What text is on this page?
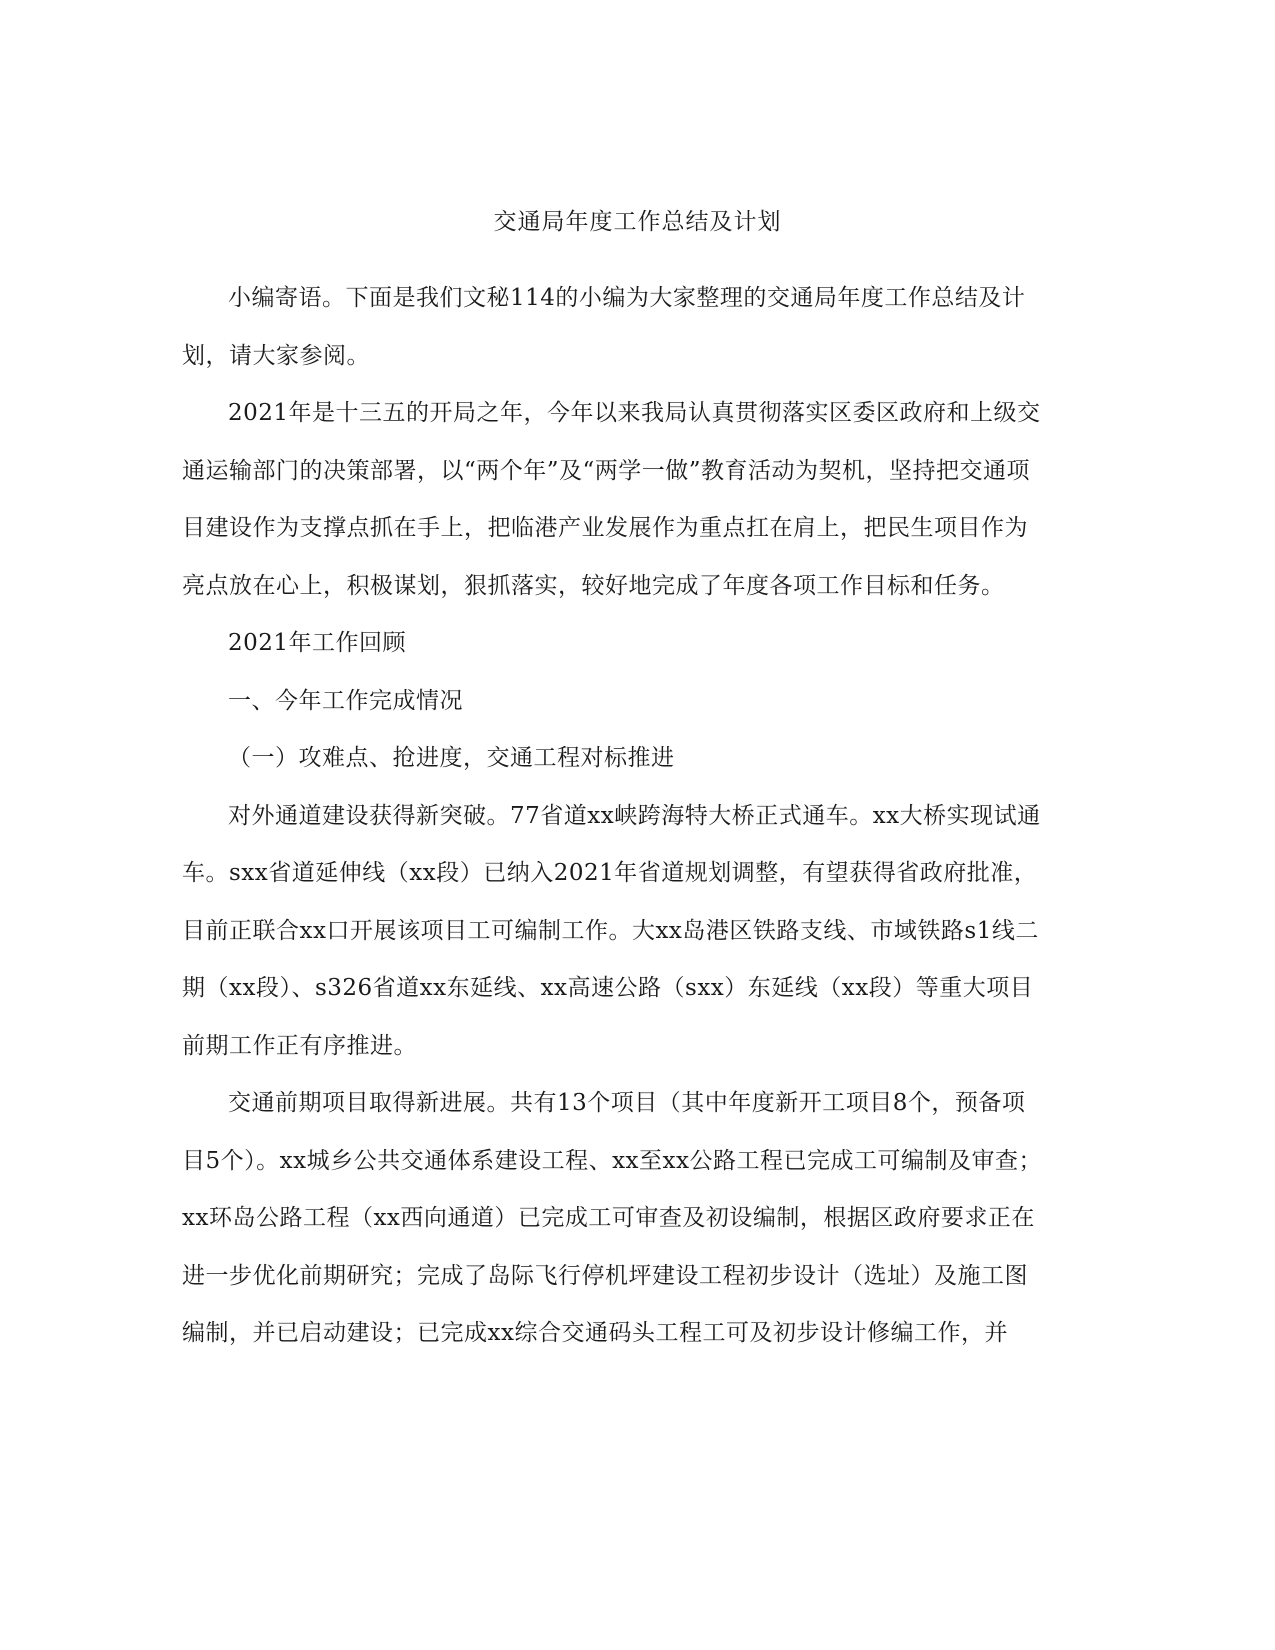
交通局年度工作总结及计划

小编寄语。下面是我们文秘114的小编为大家整理的交通局年度工作总结及计划，请大家参阅。

2021年是十三五的开局之年，今年以来我局认真贯彻落实区委区政府和上级交通运输部门的决策部署，以“两个年”及“两学一做”教育活动为契机，坚持把交通项目建设作为支撑点抓在手上，把临港产业发展作为重点扛在肩上，把民生项目作为亮点放在心上，积极谋划，狠抓落实，较好地完成了年度各项工作目标和任务。

2021年工作回顾

一、今年工作完成情况

（一）攻难点、抢进度，交通工程对标推进

对外通道建设获得新突破。77省道xx峡跨海特大桥正式通车。xx大桥实现试通车。sxx省道延伸线（xx段）已纳入2021年省道规划调整，有望获得省政府批准，目前正联合xx口开展该项目工可编制工作。大xx岛港区铁路支线、市域铁路s1线二期（xx段）、s326省道xx东延线、xx高速公路（sxx）东延线（xx段）等重大项目前期工作正有序推进。

交通前期项目取得新进展。共有13个项目（其中年度新开工项目8个，预备项目5个）。xx城乡公共交通体系建设工程、xx至xx公路工程已完成工可编制及审查；xx环岛公路工程（xx西向通道）已完成工可审查及初设编制，根据区政府要求正在进一步优化前期研究；完成了岛际飞行停机坪建设工程初步设计（选址）及施工图编制，并已启动建设；已完成xx综合交通码头工程工可及初步设计修编工作，并
